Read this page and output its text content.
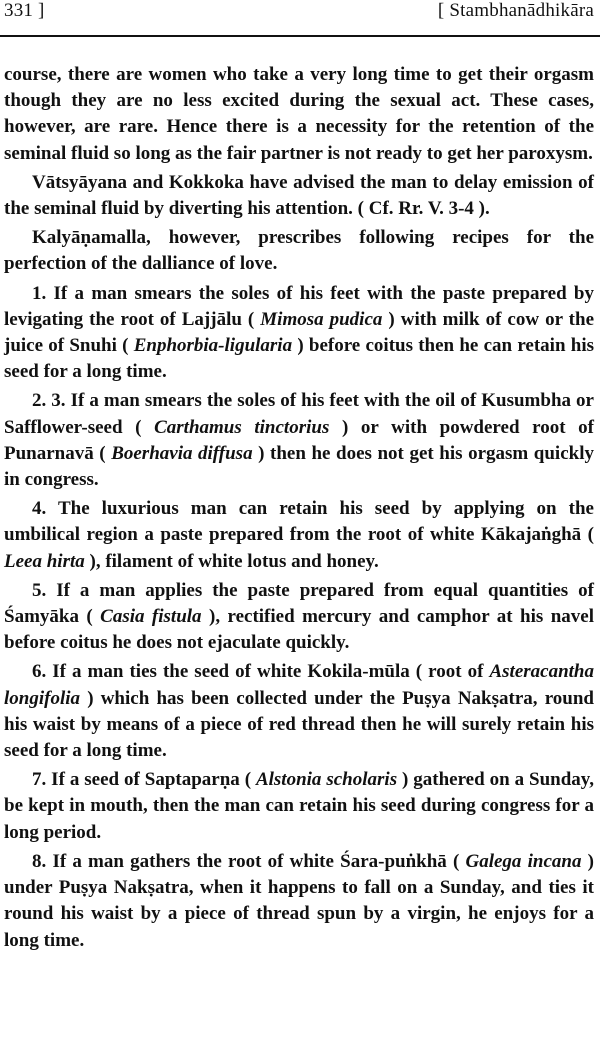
331 ]	[ Stambhanādhikāra

course, there are women who take a very long time to get their orgasm though they are no less excited during the sexual act. These cases, however, are rare. Hence there is a necessity for the retention of the seminal fluid so long as the fair partner is not ready to get her paroxysm.

Vātsyāyana and Kokkoka have advised the man to delay emission of the seminal fluid by diverting his attention. ( Cf. Rr. V. 3-4 ).

Kalyāṇamalla, however, prescribes following recipes for the perfection of the dalliance of love.

1. If a man smears the soles of his feet with the paste prepared by levigating the root of Lajjālu ( Mimosa pudica ) with milk of cow or the juice of Snuhi ( Enphorbia-ligularia ) before coitus then he can retain his seed for a long time.

2. 3. If a man smears the soles of his feet with the oil of Kusumbha or Safflower-seed ( Carthamus tinctorius ) or with powdered root of Punarnavā ( Boerhavia diffusa ) then he does not get his orgasm quickly in congress.

4. The luxurious man can retain his seed by applying on the umbilical region a paste prepared from the root of white Kākajaṅghā ( Leea hirta ), filament of white lotus and honey.

5. If a man applies the paste prepared from equal quantities of Śamyāka ( Casia fistula ), rectified mercury and camphor at his navel before coitus he does not ejaculate quickly.

6. If a man ties the seed of white Kokila-mūla ( root of Asteracantha longifolia ) which has been collected under the Puṣya Nakṣatra, round his waist by means of a piece of red thread then he will surely retain his seed for a long time.

7. If a seed of Saptaparṇa ( Alstonia scholaris ) gathered on a Sunday, be kept in mouth, then the man can retain his seed during congress for a long period.

8. If a man gathers the root of white Śara-puṅkhā ( Galega incana ) under Puṣya Nakṣatra, when it happens to fall on a Sunday, and ties it round his waist by a piece of thread spun by a virgin, he enjoys for a long time.
